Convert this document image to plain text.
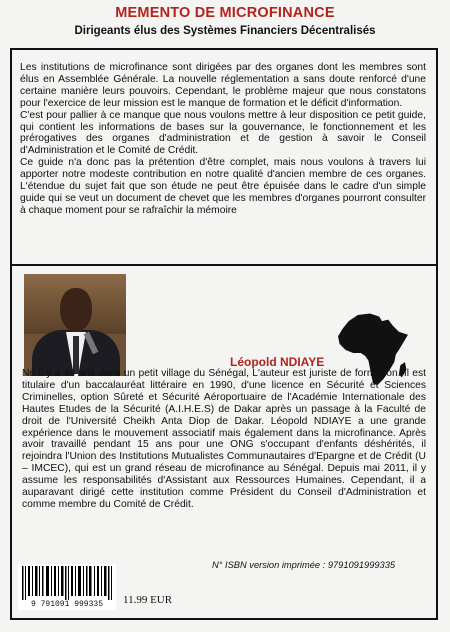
MEMENTO DE MICROFINANCE
Dirigeants élus des Systèmes Financiers Décentralisés

Les institutions de microfinance sont dirigées par des organes dont les membres sont élus en Assemblée Générale. La nouvelle réglementation a sans doute renforcé d'une certaine manière leurs pouvoirs. Cependant, le problème majeur que nous constatons pour l'exercice de leur mission est le manque de formation et le déficit d'information.

C'est pour pallier à ce manque que nous voulons mettre à leur disposition ce petit guide, qui contient les informations de bases sur la gouvernance, le fonctionnement et les prérogatives des organes d'administration et de gestion à savoir le Conseil d'Administration et le Comité de Crédit.

Ce guide n'a donc pas la prétention d'être complet, mais nous voulons à travers lui apporter notre modeste contribution en notre qualité d'ancien membre de ces organes. L'étendue du sujet fait que son étude ne peut être épuisée dans le cadre d'un simple guide qui se veut un document de chevet que les membres d'organes pourront consulter à chaque moment pour se rafraîchir la mémoire

Léopold NDIAYE

Né il y a 40 ans dans un petit village du Sénégal, L'auteur est juriste de formation. Il est titulaire d'un baccalauréat littéraire en 1990, d'une licence en Sécurité et Sciences Criminelles, option Sûreté et Sécurité Aéroportuaire de l'Académie Internationale des Hautes Etudes de la Sécurité (A.I.H.E.S) de Dakar après un passage à la Faculté de droit de l'Université Cheikh Anta Diop de Dakar. Léopold NDIAYE a une grande expérience dans le mouvement associatif mais également dans la microfinance. Après avoir travaillé pendant 15 ans pour une ONG s'occupant d'enfants déshérités, il rejoindra l'Union des Institutions Mutualistes Communautaires d'Epargne et de Crédit (U – IMCEC), qui est un grand réseau de microfinance au Sénégal. Depuis mai 2011, il y assume les responsabilités d'Assistant aux Ressources Humaines. Cependant, il a auparavant dirigé cette institution comme Président du Conseil d'Administration et comme membre du Comité de Crédit.

N° ISBN version imprimée : 9791091999335
9 791091 999335	11.99 EUR
